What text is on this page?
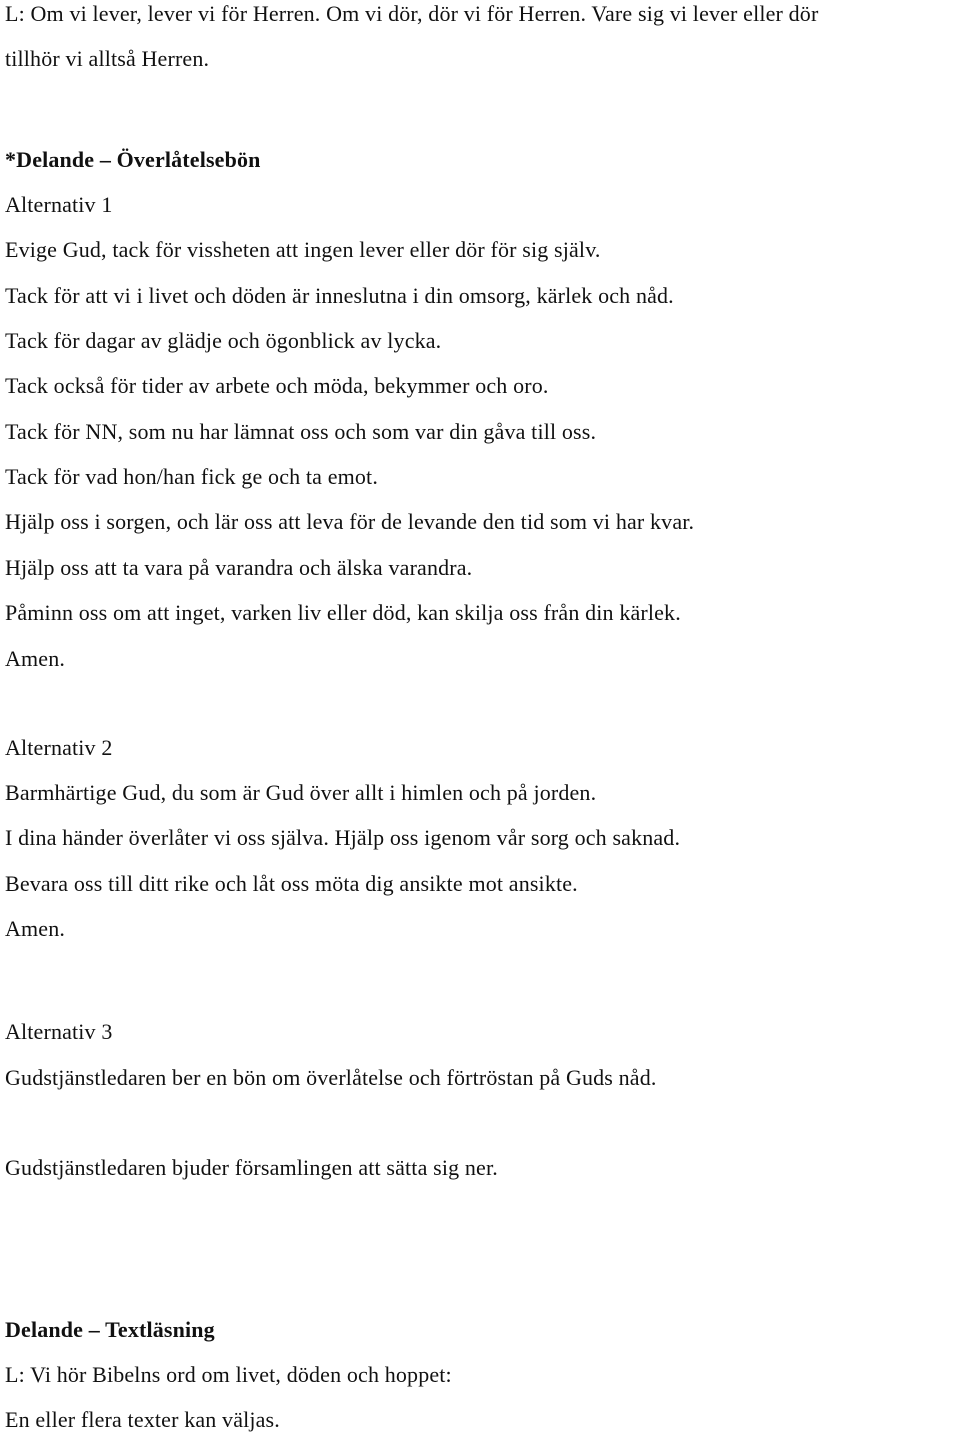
L: Om vi lever, lever vi för Herren. Om vi dör, dör vi för Herren. Vare sig vi lever eller dör

tillhör vi alltså Herren.

*Delande – Överlåtelsebön

Alternativ 1

Evige Gud, tack för vissheten att ingen lever eller dör för sig själv.

Tack för att vi i livet och döden är inneslutna i din omsorg, kärlek och nåd.

Tack för dagar av glädje och ögonblick av lycka.

Tack också för tider av arbete och möda, bekymmer och oro.

Tack för NN, som nu har lämnat oss och som var din gåva till oss.

Tack för vad hon/han fick ge och ta emot.

Hjälp oss i sorgen, och lär oss att leva för de levande den tid som vi har kvar.

Hjälp oss att ta vara på varandra och älska varandra.

Påminn oss om att inget, varken liv eller död, kan skilja oss från din kärlek.

Amen.

Alternativ 2

Barmhärtige Gud, du som är Gud över allt i himlen och på jorden.

I dina händer överlåter vi oss själva. Hjälp oss igenom vår sorg och saknad.

Bevara oss till ditt rike och låt oss möta dig ansikte mot ansikte.

Amen.

Alternativ 3

Gudstjänstledaren ber en bön om överlåtelse och förtröstan på Guds nåd.

Gudstjänstledaren bjuder församlingen att sätta sig ner.

Delande – Textläsning

L: Vi hör Bibelns ord om livet, döden och hoppet:

En eller flera texter kan väljas.
